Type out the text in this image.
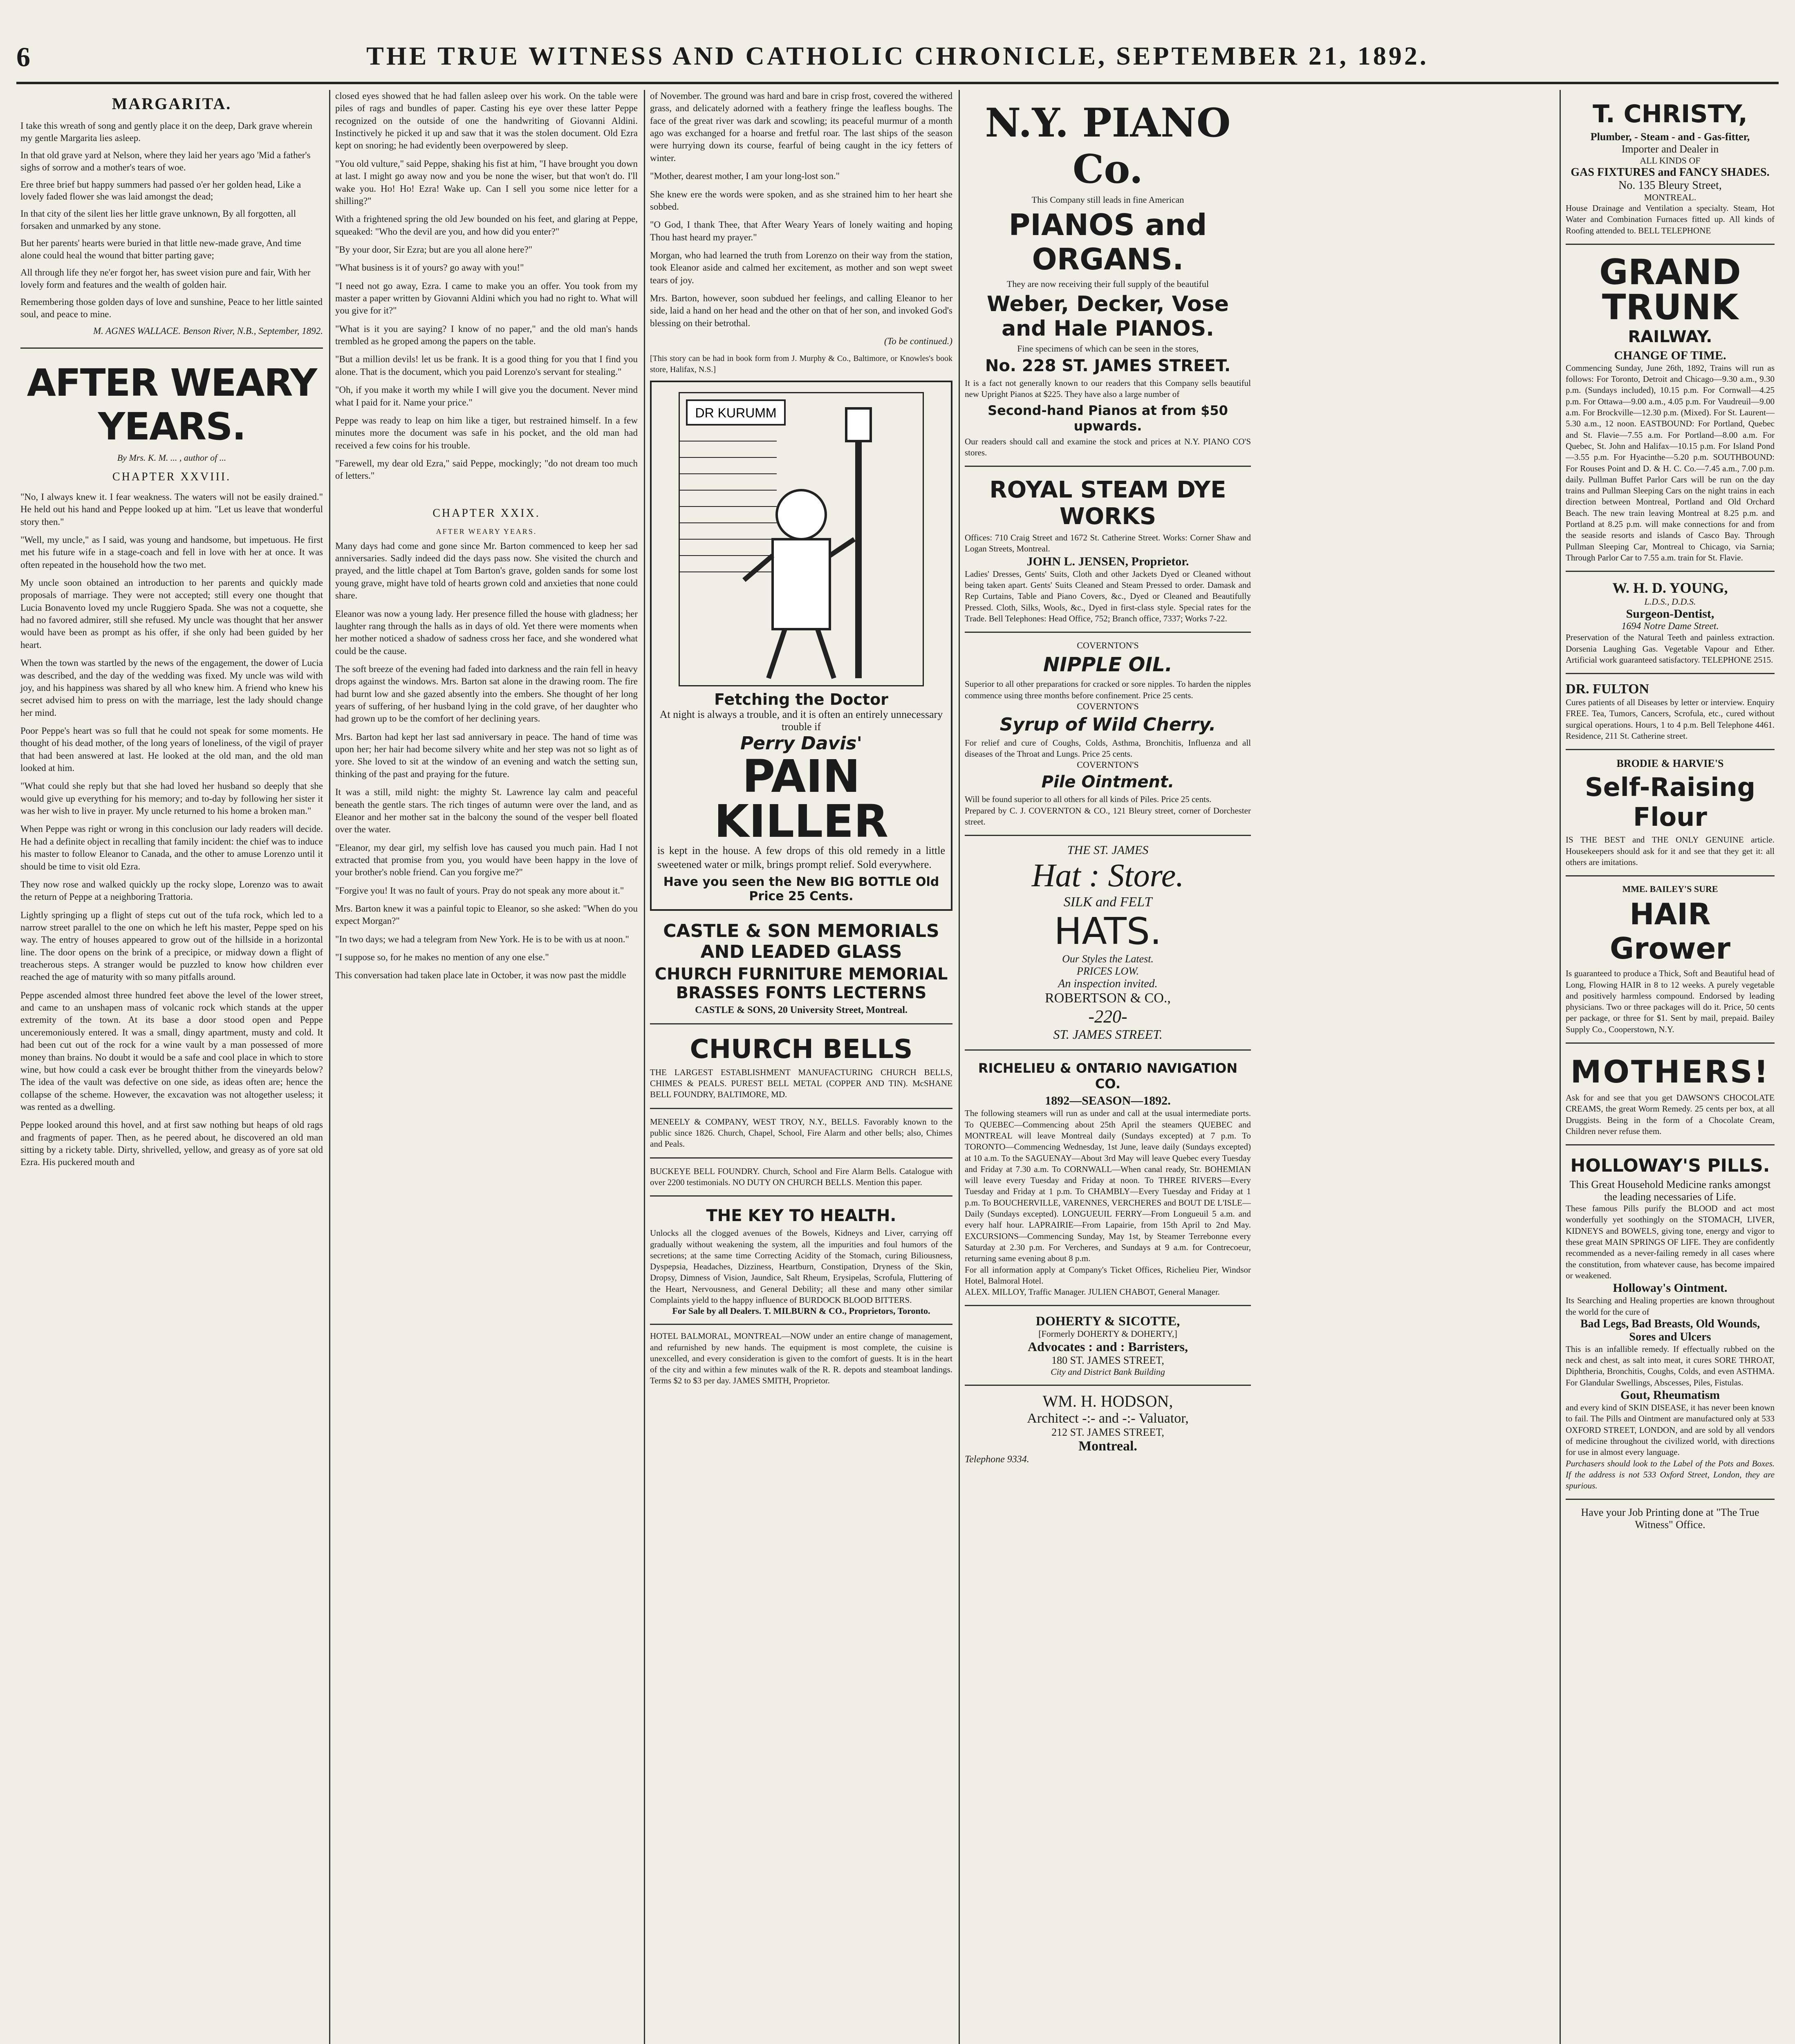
6	THE TRUE WITNESS AND CATHOLIC CHRONICLE, SEPTEMBER 21, 1892.
MARGARITA.

I take this wreath of song and gently place it on the deep, Dark grave wherein my gentle Margarita lies asleep.

In that old grave yard at Nelson, where they laid her years ago 'Mid a father's sighs of sorrow and a mother's tears of woe.

Ere three brief but happy summers had passed o'er her golden head, Like a lovely faded flower she was laid amongst the dead;

In that city of the silent lies her little grave unknown, By all forgotten, all forsaken and unmarked by any stone.

But her parents' hearts were buried in that little new-made grave, And time alone could heal the wound that bitter parting gave;

All through life they ne'er forgot her, has sweet vision pure and fair, With her lovely form and features and the wealth of golden hair.

Remembering those golden days of love and sunshine, Peace to her little sainted soul, and peace to mine.

M. AGNES WALLACE. Benson River, N.B., September, 1892.

AFTER WEARY YEARS.
By Mrs. K. M. ... , author of ...
CHAPTER XXVIII.

"No, I always knew it. I fear weakness. The waters will not be easily drained." He held out his hand and Peppe looked up at him. "Let us leave that wonderful story then."

"Well, my uncle," as I said, was young and handsome, but impetuous. He first met his future wife in a stage-coach and fell in love with her at once. It was often repeated in the household how the two met.

My uncle soon obtained an introduction to her parents and quickly made proposals of marriage. They were not accepted; still every one thought that Lucia Bonavento loved my uncle Ruggiero Spada. She was not a coquette, she had no favored admirer, still she refused. My uncle was thought that her answer would have been as prompt as his offer, if she only had been guided by her heart.

When the town was startled by the news of the engagement, the dower of Lucia was described, and the day of the wedding was fixed. My uncle was wild with joy, and his happiness was shared by all who knew him. A friend who knew his secret advised him to press on with the marriage, lest the lady should change her mind.

Poor Peppe's heart was so full that he could not speak for some moments. He thought of his dead mother, of the long years of loneliness, of the vigil of prayer that had been answered at last. He looked at the old man, and the old man looked at him.

"What could she reply but that she had loved her husband so deeply that she would give up everything for his memory; and to-day by following her sister it was her wish to live in prayer. My uncle returned to his home a broken man."

When Peppe was right or wrong in this conclusion our lady readers will decide. He had a definite object in recalling that family incident: the chief was to induce his master to follow Eleanor to Canada, and the other to amuse Lorenzo until it should be time to visit old Ezra.

They now rose and walked quickly up the rocky slope, Lorenzo was to await the return of Peppe at a neighboring Trattoria.

Lightly springing up a flight of steps cut out of the tufa rock, which led to a narrow street parallel to the one on which he left his master, Peppe sped on his way. The entry of houses appeared to grow out of the hillside in a horizontal line. The door opens on the brink of a precipice, or midway down a flight of treacherous steps. A stranger would be puzzled to know how children ever reached the age of maturity with so many pitfalls around.

Peppe ascended almost three hundred feet above the level of the lower street, and came to an unshapen mass of volcanic rock which stands at the upper extremity of the town. At its base a door stood open and Peppe unceremoniously entered. It was a small, dingy apartment, musty and cold. It had been cut out of the rock for a wine vault by a man possessed of more money than brains. No doubt it would be a safe and cool place in which to store wine, but how could a cask ever be brought thither from the vineyards below? The idea of the vault was defective on one side, as ideas often are; hence the collapse of the scheme. However, the excavation was not altogether useless; it was rented as a dwelling.

Peppe looked around this hovel, and at first saw nothing but heaps of old rags and fragments of paper. Then, as he peered about, he discovered an old man sitting by a rickety table. Dirty, shrivelled, yellow, and greasy as of yore sat old Ezra. His puckered mouth and

closed eyes showed that he had fallen asleep over his work. On the table were piles of rags and bundles of paper. Casting his eye over these latter Peppe recognized on the outside of one the handwriting of Giovanni Aldini. Instinctively he picked it up and saw that it was the stolen document. Old Ezra kept on snoring; he had evidently been overpowered by sleep.

"You old vulture," said Peppe, shaking his fist at him, "I have brought you down at last. I might go away now and you be none the wiser, but that won't do. I'll wake you. Ho! Ho! Ezra! Wake up. Can I sell you some nice letter for a shilling?"

With a frightened spring the old Jew bounded on his feet, and glaring at Peppe, squeaked: "Who the devil are you, and how did you enter?"

"By your door, Sir Ezra; but are you all alone here?"

"What business is it of yours? go away with you!"

"I need not go away, Ezra. I came to make you an offer. You took from my master a paper written by Giovanni Aldini which you had no right to. What will you give for it?"

"What is it you are saying? I know of no paper," and the old man's hands trembled as he groped among the papers on the table.

"But a million devils! let us be frank. It is a good thing for you that I find you alone. That is the document, which you paid Lorenzo's servant for stealing."

"Oh, if you make it worth my while I will give you the document. Never mind what I paid for it. Name your price."

Peppe was ready to leap on him like a tiger, but restrained himself. In a few minutes more the document was safe in his pocket, and the old man had received a few coins for his trouble.

"Farewell, my dear old Ezra," said Peppe, mockingly; "do not dream too much of letters."

CHAPTER XXIX.
AFTER WEARY YEARS.

Many days had come and gone since Mr. Barton commenced to keep her sad anniversaries. Sadly indeed did the days pass now. She visited the church and prayed, and the little chapel at Tom Barton's grave, golden sands for some lost young grave, might have told of hearts grown cold and anxieties that none could share.

Eleanor was now a young lady. Her presence filled the house with gladness; her laughter rang through the halls as in days of old. Yet there were moments when her mother noticed a shadow of sadness cross her face, and she wondered what could be the cause.

The soft breeze of the evening had faded into darkness and the rain fell in heavy drops against the windows. Mrs. Barton sat alone in the drawing room. The fire had burnt low and she gazed absently into the embers. She thought of her long years of suffering, of her husband lying in the cold grave, of her daughter who had grown up to be the comfort of her declining years.

Mrs. Barton had kept her last sad anniversary in peace. The hand of time was upon her; her hair had become silvery white and her step was not so light as of yore. She loved to sit at the window of an evening and watch the setting sun, thinking of the past and praying for the future.

It was a still, mild night: the mighty St. Lawrence lay calm and peaceful beneath the gentle stars. The rich tinges of autumn were over the land, and as Eleanor and her mother sat in the balcony the sound of the vesper bell floated over the water.

"Eleanor, my dear girl, my selfish love has caused you much pain. Had I not extracted that promise from you, you would have been happy in the love of your brother's noble friend. Can you forgive me?"

"Forgive you! It was no fault of yours. Pray do not speak any more about it."

Mrs. Barton knew it was a painful topic to Eleanor, so she asked: "When do you expect Morgan?"

"In two days; we had a telegram from New York. He is to be with us at noon."

"I suppose so, for he makes no mention of any one else."

This conversation had taken place late in October, it was now past the middle

of November. The ground was hard and bare in crisp frost, covered the withered grass, and delicately adorned with a feathery fringe the leafless boughs. The face of the great river was dark and scowling; its peaceful murmur of a month ago was exchanged for a hoarse and fretful roar. The last ships of the season were hurrying down its course, fearful of being caught in the icy fetters of winter.

"Mother, dearest mother, I am your long-lost son."

She knew ere the words were spoken, and as she strained him to her heart she sobbed.

"O God, I thank Thee, that After Weary Years of lonely waiting and hoping Thou hast heard my prayer."

Morgan, who had learned the truth from Lorenzo on their way from the station, took Eleanor aside and calmed her excitement, as mother and son wept sweet tears of joy.

Mrs. Barton, however, soon subdued her feelings, and calling Eleanor to her side, laid a hand on her head and the other on that of her son, and invoked God's blessing on their betrothal.

(To be continued.)

[This story can be had in book form from J. Murphy & Co., Baltimore, or Knowles's book store, Halifax, N.S.]

DR KURUMM
Fetching the Doctor
At night is always a trouble, and it is often an entirely unnecessary trouble if
Perry Davis'
PAIN KILLER
is kept in the house. A few drops of this old remedy in a little sweetened water or milk, brings prompt relief. Sold everywhere.
Have you seen the New BIG BOTTLE Old Price 25 Cents.
CASTLE & SON MEMORIALS AND LEADED GLASS
CHURCH FURNITURE MEMORIAL BRASSES FONTS LECTERNS
CASTLE & SONS, 20 University Street, Montreal.
CHURCH BELLS
THE LARGEST ESTABLISHMENT MANUFACTURING CHURCH BELLS, CHIMES & PEALS. PUREST BELL METAL (COPPER AND TIN). McSHANE BELL FOUNDRY, BALTIMORE, MD.
MENEELY & COMPANY, WEST TROY, N.Y., BELLS. Favorably known to the public since 1826. Church, Chapel, School, Fire Alarm and other bells; also, Chimes and Peals.
BUCKEYE BELL FOUNDRY. Church, School and Fire Alarm Bells. Catalogue with over 2200 testimonials. NO DUTY ON CHURCH BELLS. Mention this paper.
THE KEY TO HEALTH.
Unlocks all the clogged avenues of the Bowels, Kidneys and Liver, carrying off gradually without weakening the system, all the impurities and foul humors of the secretions; at the same time Correcting Acidity of the Stomach, curing Biliousness, Dyspepsia, Headaches, Dizziness, Heartburn, Constipation, Dryness of the Skin, Dropsy, Dimness of Vision, Jaundice, Salt Rheum, Erysipelas, Scrofula, Fluttering of the Heart, Nervousness, and General Debility; all these and many other similar Complaints yield to the happy influence of BURDOCK BLOOD BITTERS.
For Sale by all Dealers. T. MILBURN & CO., Proprietors, Toronto.
HOTEL BALMORAL, MONTREAL—NOW under an entire change of management, and refurnished by new hands. The equipment is most complete, the cuisine is unexcelled, and every consideration is given to the comfort of guests. It is in the heart of the city and within a few minutes walk of the R. R. depots and steamboat landings. Terms $2 to $3 per day. JAMES SMITH, Proprietor.
N.Y. PIANO Co.
This Company still leads in fine American
PIANOS and ORGANS.
They are now receiving their full supply of the beautiful
Weber, Decker, Vose and Hale PIANOS.
Fine specimens of which can be seen in the stores,
No. 228 ST. JAMES STREET.
It is a fact not generally known to our readers that this Company sells beautiful new Upright Pianos at $225. They have also a large number of
Second-hand Pianos at from $50 upwards.
Our readers should call and examine the stock and prices at N.Y. PIANO CO'S stores.
ROYAL STEAM DYE WORKS
Offices: 710 Craig Street and 1672 St. Catherine Street. Works: Corner Shaw and Logan Streets, Montreal.
JOHN L. JENSEN, Proprietor.
Ladies' Dresses, Gents' Suits, Cloth and other Jackets Dyed or Cleaned without being taken apart. Gents' Suits Cleaned and Steam Pressed to order. Damask and Rep Curtains, Table and Piano Covers, &c., Dyed or Cleaned and Beautifully Pressed. Cloth, Silks, Wools, &c., Dyed in first-class style. Special rates for the Trade. Bell Telephones: Head Office, 752; Branch office, 7337; Works 7-22.
COVERNTON'S
NIPPLE OIL.
Superior to all other preparations for cracked or sore nipples. To harden the nipples commence using three months before confinement. Price 25 cents.
COVERNTON'S
Syrup of Wild Cherry.
For relief and cure of Coughs, Colds, Asthma, Bronchitis, Influenza and all diseases of the Throat and Lungs. Price 25 cents.
COVERNTON'S
Pile Ointment.
Will be found superior to all others for all kinds of Piles. Price 25 cents.
Prepared by C. J. COVERNTON & CO., 121 Bleury street, corner of Dorchester street.
THE ST. JAMES
Hat : Store.
SILK and FELT
HATS.
Our Styles the Latest.
PRICES LOW.
An inspection invited.
ROBERTSON & CO.,
-220-
ST. JAMES STREET.
RICHELIEU & ONTARIO NAVIGATION CO.
1892—SEASON—1892.
The following steamers will run as under and call at the usual intermediate ports. To QUEBEC—Commencing about 25th April the steamers QUEBEC and MONTREAL will leave Montreal daily (Sundays excepted) at 7 p.m. To TORONTO—Commencing Wednesday, 1st June, leave daily (Sundays excepted) at 10 a.m. To the SAGUENAY—About 3rd May will leave Quebec every Tuesday and Friday at 7.30 a.m. To CORNWALL—When canal ready, Str. BOHEMIAN will leave every Tuesday and Friday at noon. To THREE RIVERS—Every Tuesday and Friday at 1 p.m. To CHAMBLY—Every Tuesday and Friday at 1 p.m. To BOUCHERVILLE, VARENNES, VERCHERES and BOUT DE L'ISLE—Daily (Sundays excepted). LONGUEUIL FERRY—From Longueuil 5 a.m. and every half hour. LAPRAIRIE—From Lapairie, from 15th April to 2nd May. EXCURSIONS—Commencing Sunday, May 1st, by Steamer Terrebonne every Saturday at 2.30 p.m. For Vercheres, and Sundays at 9 a.m. for Contrecoeur, returning same evening about 8 p.m.
For all information apply at Company's Ticket Offices, Richelieu Pier, Windsor Hotel, Balmoral Hotel.
ALEX. MILLOY, Traffic Manager. JULIEN CHABOT, General Manager.
DOHERTY & SICOTTE,
[Formerly DOHERTY & DOHERTY,]
Advocates : and : Barristers,
180 ST. JAMES STREET,
City and District Bank Building
WM. H. HODSON,
Architect -:- and -:- Valuator,
212 ST. JAMES STREET,
Montreal.
Telephone 9334.
T. CHRISTY,
Plumber, - Steam - and - Gas-fitter,
Importer and Dealer in
ALL KINDS OF
GAS FIXTURES and FANCY SHADES.
No. 135 Bleury Street,
MONTREAL.
House Drainage and Ventilation a specialty. Steam, Hot Water and Combination Furnaces fitted up. All kinds of Roofing attended to. BELL TELEPHONE
GRAND TRUNK
RAILWAY.
CHANGE OF TIME.
Commencing Sunday, June 26th, 1892, Trains will run as follows: For Toronto, Detroit and Chicago—9.30 a.m., 9.30 p.m. (Sundays included), 10.15 p.m. For Cornwall—4.25 p.m. For Ottawa—9.00 a.m., 4.05 p.m. For Vaudreuil—9.00 a.m. For Brockville—12.30 p.m. (Mixed). For St. Laurent—5.30 a.m., 12 noon. EASTBOUND: For Portland, Quebec and St. Flavie—7.55 a.m. For Portland—8.00 a.m. For Quebec, St. John and Halifax—10.15 p.m. For Island Pond—3.55 p.m. For Hyacinthe—5.20 p.m. SOUTHBOUND: For Rouses Point and D. & H. C. Co.—7.45 a.m., 7.00 p.m. daily. Pullman Buffet Parlor Cars will be run on the day trains and Pullman Sleeping Cars on the night trains in each direction between Montreal, Portland and Old Orchard Beach. The new train leaving Montreal at 8.25 p.m. and Portland at 8.25 p.m. will make connections for and from the seaside resorts and islands of Casco Bay. Through Pullman Sleeping Car, Montreal to Chicago, via Sarnia; Through Parlor Car to 7.55 a.m. train for St. Flavie.
W. H. D. YOUNG,
L.D.S., D.D.S.
Surgeon-Dentist,
1694 Notre Dame Street.
Preservation of the Natural Teeth and painless extraction. Dorsenia Laughing Gas. Vegetable Vapour and Ether. Artificial work guaranteed satisfactory. TELEPHONE 2515.
DR. FULTON
Cures patients of all Diseases by letter or interview. Enquiry FREE. Tea, Tumors, Cancers, Scrofula, etc., cured without surgical operations. Hours, 1 to 4 p.m. Bell Telephone 4461. Residence, 211 St. Catherine street.
BRODIE & HARVIE'S
Self-Raising Flour
IS THE BEST and THE ONLY GENUINE article. Housekeepers should ask for it and see that they get it: all others are imitations.
MME. BAILEY'S SURE
HAIR Grower
Is guaranteed to produce a Thick, Soft and Beautiful head of Long, Flowing HAIR in 8 to 12 weeks. A purely vegetable and positively harmless compound. Endorsed by leading physicians. Two or three packages will do it. Price, 50 cents per package, or three for $1. Sent by mail, prepaid. Bailey Supply Co., Cooperstown, N.Y.
MOTHERS!
Ask for and see that you get DAWSON'S CHOCOLATE CREAMS, the great Worm Remedy. 25 cents per box, at all Druggists. Being in the form of a Chocolate Cream, Children never refuse them.
HOLLOWAY'S PILLS.
This Great Household Medicine ranks amongst the leading necessaries of Life.
These famous Pills purify the BLOOD and act most wonderfully yet soothingly on the STOMACH, LIVER, KIDNEYS and BOWELS, giving tone, energy and vigor to these great MAIN SPRINGS OF LIFE. They are confidently recommended as a never-failing remedy in all cases where the constitution, from whatever cause, has become impaired or weakened.
Holloway's Ointment.
Its Searching and Healing properties are known throughout the world for the cure of
Bad Legs, Bad Breasts, Old Wounds, Sores and Ulcers
This is an infallible remedy. If effectually rubbed on the neck and chest, as salt into meat, it cures SORE THROAT, Diphtheria, Bronchitis, Coughs, Colds, and even ASTHMA. For Glandular Swellings, Abscesses, Piles, Fistulas.
Gout, Rheumatism
and every kind of SKIN DISEASE, it has never been known to fail. The Pills and Ointment are manufactured only at 533 OXFORD STREET, LONDON, and are sold by all vendors of medicine throughout the civilized world, with directions for use in almost every language.
Purchasers should look to the Label of the Pots and Boxes. If the address is not 533 Oxford Street, London, they are spurious.
Have your Job Printing done at "The True Witness" Office.
